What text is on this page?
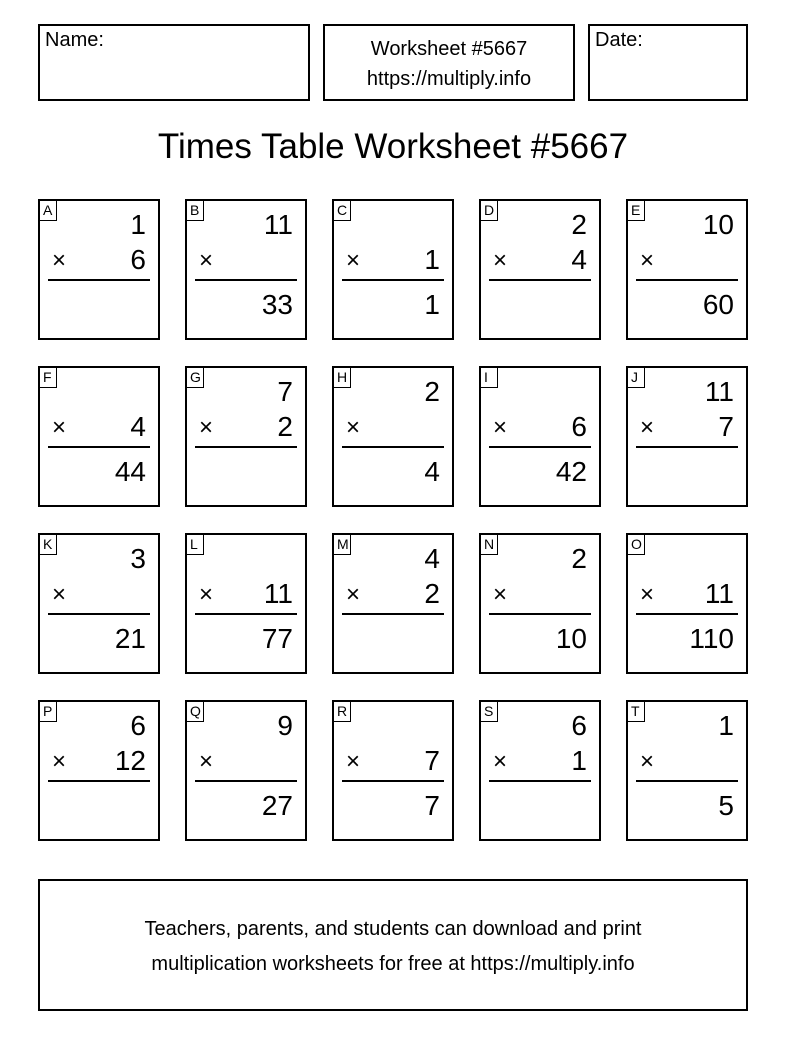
Name:	Worksheet #5667
https://multiply.info
Date:
Times Table Worksheet #5667
A	1
× 6
B 11
×
33
C
× 1
1
D	2
× 4
E 10
×
60
F
× 4
44
G	7
× 2
H	2
×
4
I
× 6
42
J 11
× 7
K	3
×
21
L
× 11
77
M	4
× 2
N	2
×
10
O
× 11
110
P	6
× 12
Q	9
×
27
R
× 7
7
S	6
× 1
T	1
×
5
Teachers, parents, and students can download and print
multiplication worksheets for free at https://multiply.info
